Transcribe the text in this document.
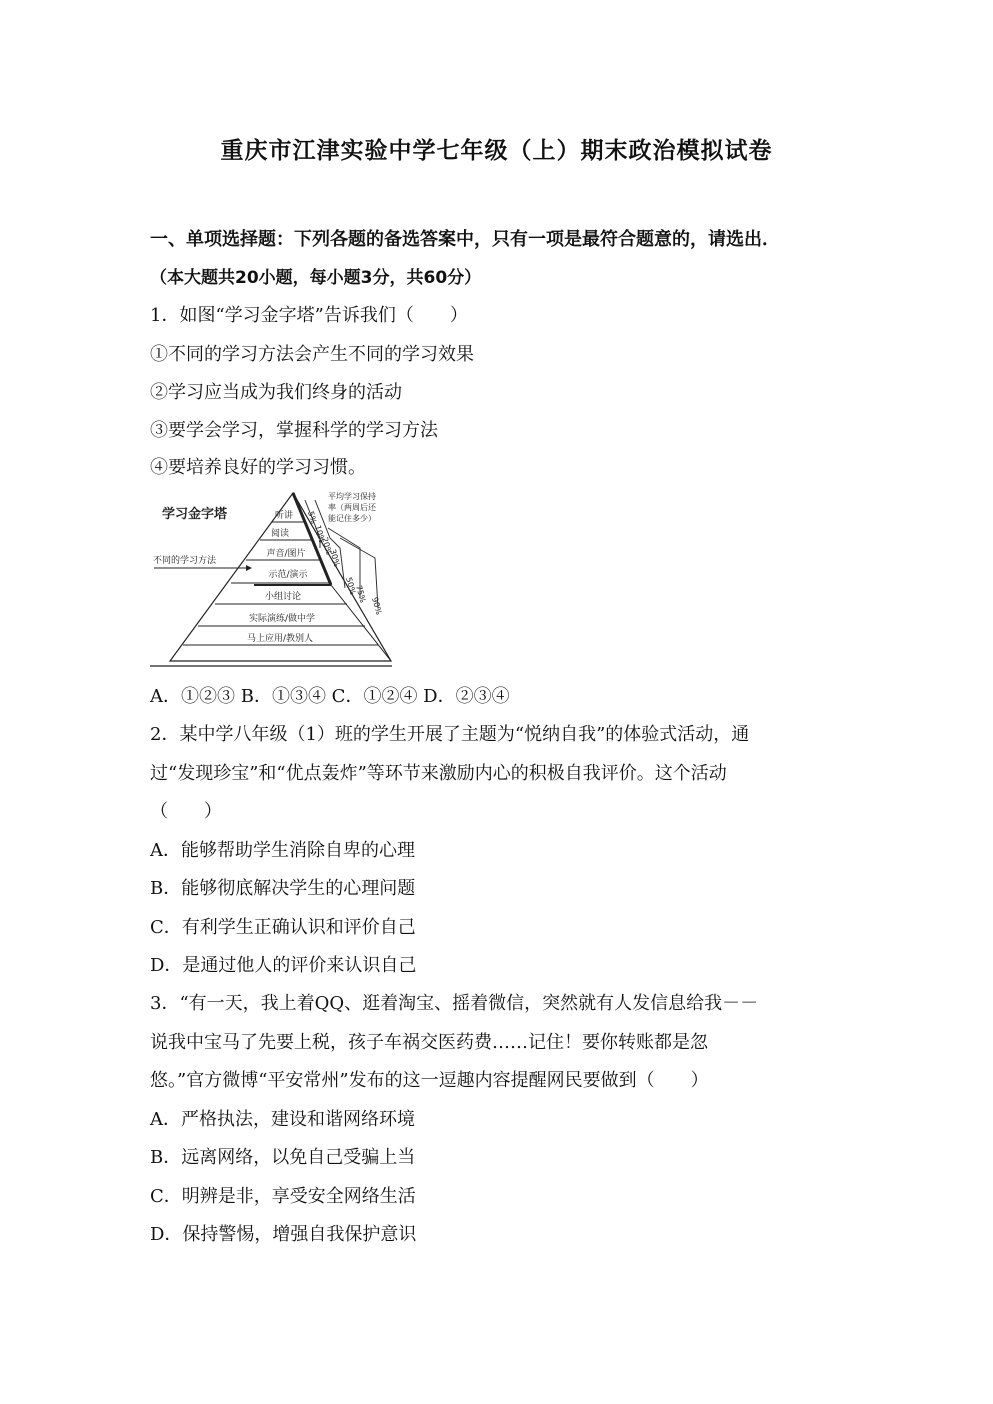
重庆市江津实验中学七年级（上）期末政治模拟试卷
一、单项选择题：下列各题的备选答案中，只有一项是最符合题意的，请选出．
（本大题共20小题，每小题3分，共60分）
1．如图“学习金字塔”告诉我们（　　）
①不同的学习方法会产生不同的学习效果
②学习应当成为我们终身的活动
③要学会学习，掌握科学的学习方法
④要培养良好的学习习惯。
学习金字塔
不同的学习方法
平均学习保持
率（两周后还
能记住多少）
听讲
阅读
声音/图片
示范/演示
小组讨论
实际演练/做中学
马上应用/教别人
5%
10%
20%
30%
50%
75%
90%
A．①②③ B．①③④ C．①②④ D．②③④
2．某中学八年级（1）班的学生开展了主题为“悦纳自我”的体验式活动，通
过“发现珍宝”和“优点轰炸”等环节来激励内心的积极自我评价。这个活动
（　　）
A．能够帮助学生消除自卑的心理
B．能够彻底解决学生的心理问题
C．有利学生正确认识和评价自己
D．是通过他人的评价来认识自己
3．“有一天，我上着QQ、逛着淘宝、摇着微信，突然就有人发信息给我－－
说我中宝马了先要上税，孩子车祸交医药费……记住！要你转账都是忽
悠。”官方微博“平安常州”发布的这一逗趣内容提醒网民要做到（　　）
A．严格执法，建设和谐网络环境
B．远离网络，以免自己受骗上当
C．明辨是非，享受安全网络生活
D．保持警惕，增强自我保护意识
